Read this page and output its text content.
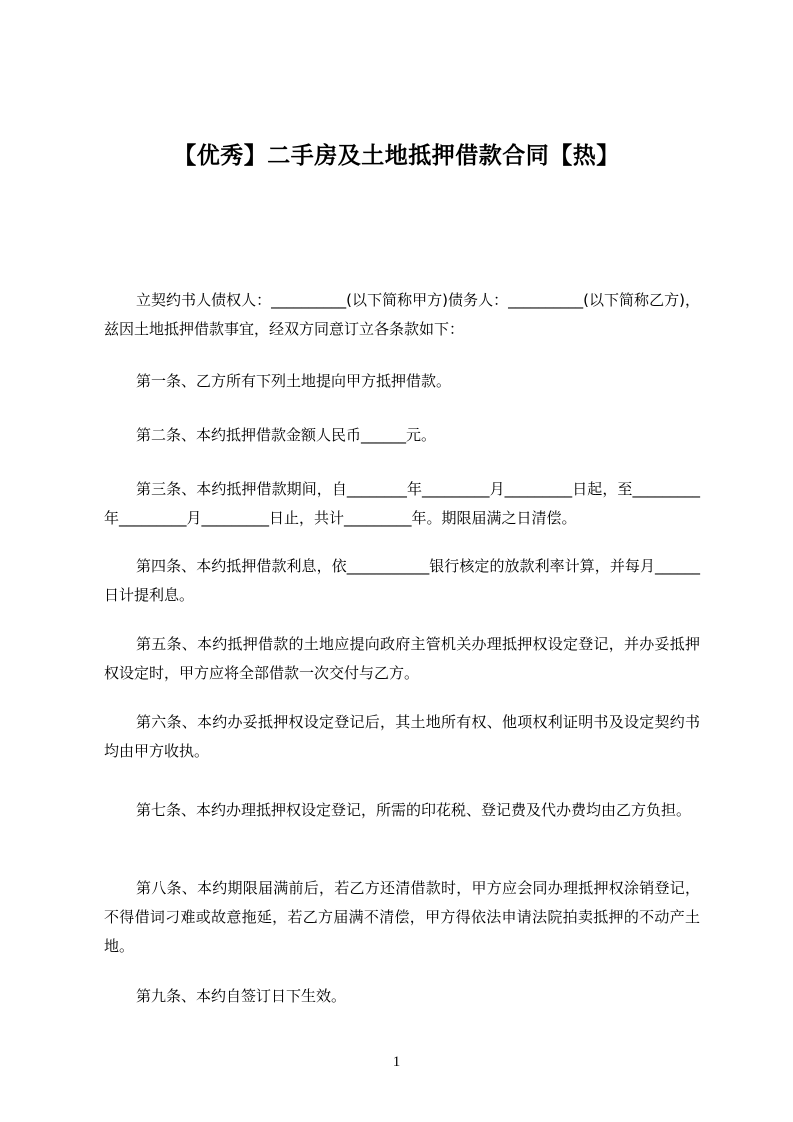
【优秀】二手房及土地抵押借款合同【热】

立契约书人债权人：__________(以下简称甲方)债务人：__________(以下简称乙方)，兹因土地抵押借款事宜，经双方同意订立各条款如下：

第一条、乙方所有下列土地提向甲方抵押借款。

第二条、本约抵押借款金额人民币______元。

第三条、本约抵押借款期间，自________年_________月_________日起，至_________年_________月_________日止，共计_________年。期限届满之日清偿。

第四条、本约抵押借款利息，依___________银行核定的放款利率计算，并每月______日计提利息。

第五条、本约抵押借款的土地应提向政府主管机关办理抵押权设定登记，并办妥抵押权设定时，甲方应将全部借款一次交付与乙方。

第六条、本约办妥抵押权设定登记后，其土地所有权、他项权利证明书及设定契约书均由甲方收执。

第七条、本约办理抵押权设定登记，所需的印花税、登记费及代办费均由乙方负担。

第八条、本约期限届满前后，若乙方还清借款时，甲方应会同办理抵押权涂销登记，不得借词刁难或故意拖延，若乙方届满不清偿，甲方得依法申请法院拍卖抵押的不动产土地。

第九条、本约自签订日下生效。

1
